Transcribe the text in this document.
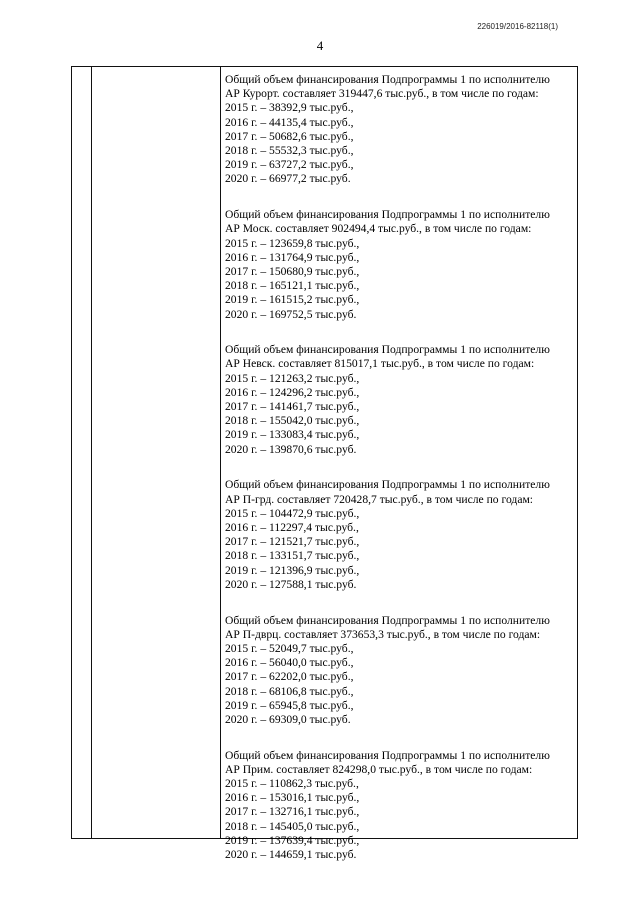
226019/2016-82118(1)
4

Общий объем финансирования Подпрограммы 1 по исполнителю

АР Курорт. составляет 319447,6 тыс.руб., в том числе по годам:

2015 г. – 38392,9 тыс.руб.,

2016 г. – 44135,4 тыс.руб.,

2017 г. – 50682,6 тыс.руб.,

2018 г. – 55532,3 тыс.руб.,

2019 г. – 63727,2 тыс.руб.,

2020 г. – 66977,2 тыс.руб.

Общий объем финансирования Подпрограммы 1 по исполнителю

АР Моск. составляет 902494,4 тыс.руб., в том числе по годам:

2015 г. – 123659,8 тыс.руб.,

2016 г. – 131764,9 тыс.руб.,

2017 г. – 150680,9 тыс.руб.,

2018 г. – 165121,1 тыс.руб.,

2019 г. – 161515,2 тыс.руб.,

2020 г. – 169752,5 тыс.руб.

Общий объем финансирования Подпрограммы 1 по исполнителю

АР Невск. составляет 815017,1 тыс.руб., в том числе по годам:

2015 г. – 121263,2 тыс.руб.,

2016 г. – 124296,2 тыс.руб.,

2017 г. – 141461,7 тыс.руб.,

2018 г. – 155042,0 тыс.руб.,

2019 г. – 133083,4 тыс.руб.,

2020 г. – 139870,6 тыс.руб.

Общий объем финансирования Подпрограммы 1 по исполнителю

АР П-грд. составляет 720428,7 тыс.руб., в том числе по годам:

2015 г. – 104472,9 тыс.руб.,

2016 г. – 112297,4 тыс.руб.,

2017 г. – 121521,7 тыс.руб.,

2018 г. – 133151,7 тыс.руб.,

2019 г. – 121396,9 тыс.руб.,

2020 г. – 127588,1 тыс.руб.

Общий объем финансирования Подпрограммы 1 по исполнителю

АР П-дврц. составляет 373653,3 тыс.руб., в том числе по годам:

2015 г. – 52049,7 тыс.руб.,

2016 г. – 56040,0 тыс.руб.,

2017 г. – 62202,0 тыс.руб.,

2018 г. – 68106,8 тыс.руб.,

2019 г. – 65945,8 тыс.руб.,

2020 г. – 69309,0 тыс.руб.

Общий объем финансирования Подпрограммы 1 по исполнителю

АР Прим. составляет 824298,0 тыс.руб., в том числе по годам:

2015 г. – 110862,3 тыс.руб.,

2016 г. – 153016,1 тыс.руб.,

2017 г. – 132716,1 тыс.руб.,

2018 г. – 145405,0 тыс.руб.,

2019 г. – 137639,4 тыс.руб.,

2020 г. – 144659,1 тыс.руб.
